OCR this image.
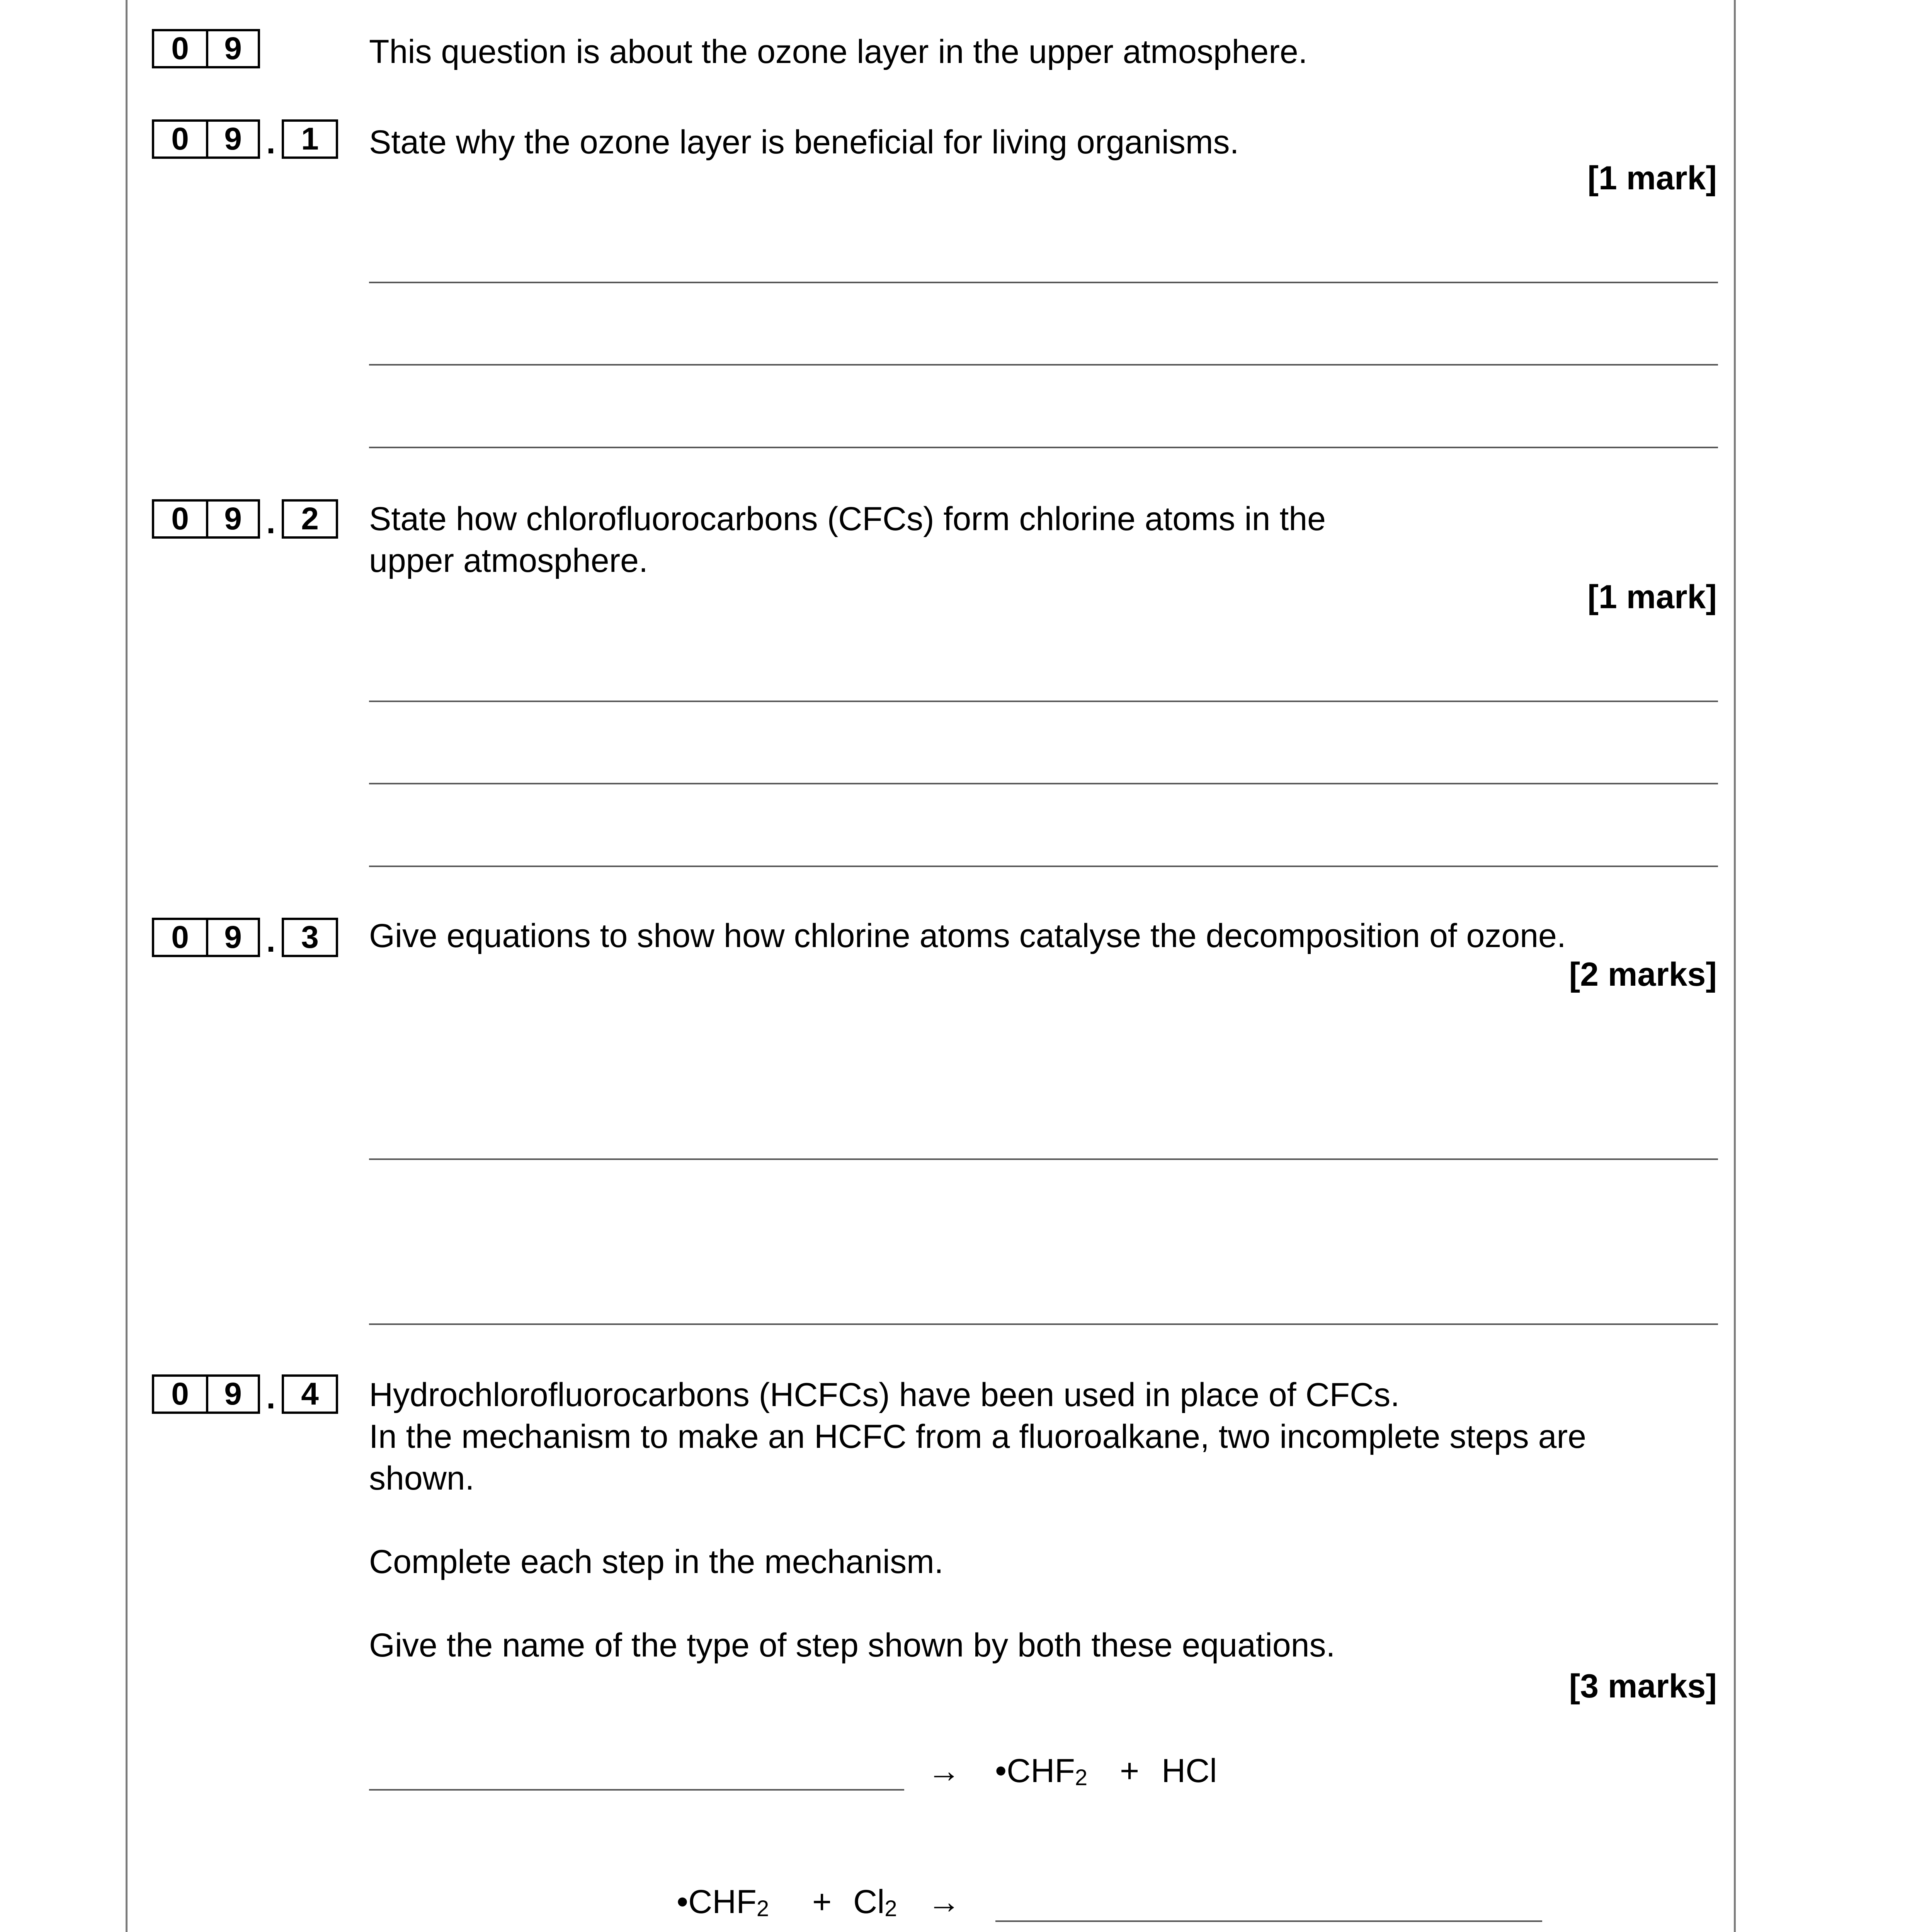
0	9	This question is about the ozone layer in the upper atmosphere.
0	9 . 1	State why the ozone layer is beneficial for living organisms.
[1 mark]
0	9 . 2	State how chlorofluorocarbons (CFCs) form chlorine atoms in the
upper atmosphere.
[1 mark]
0	9 . 3	Give equations to show how chlorine atoms catalyse the decomposition of ozone.
[2 marks]
0	9 . 4	Hydrochlorofluorocarbons (HCFCs) have been used in place of CFCs.
In the mechanism to make an HCFC from a fluoroalkane, two incomplete steps are
shown.
Complete each step in the mechanism.
Give the name of the type of step shown by both these equations.
[3 marks]
→ $•CHF_2$ + HCl
$•CHF_2 + Cl_2$ →
